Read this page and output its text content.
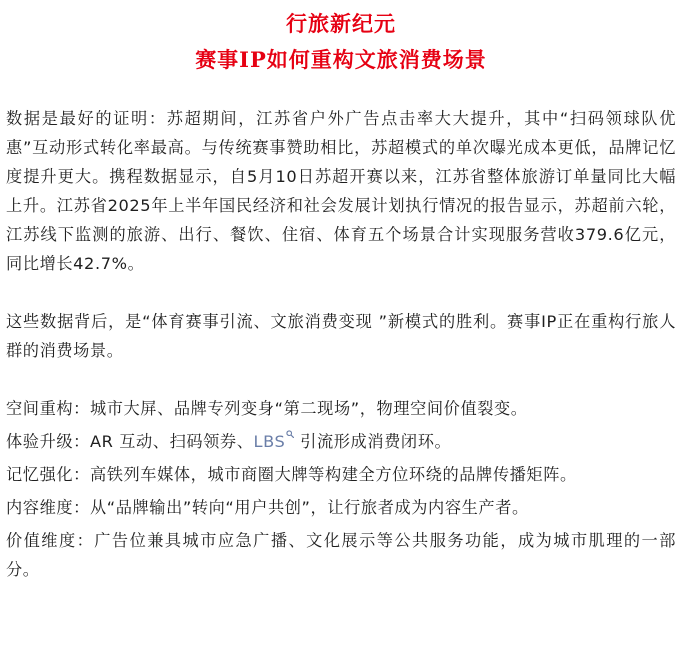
行旅新纪元
赛事IP如何重构文旅消费场景

数据是最好的证明：苏超期间，江苏省户外广告点击率大大提升，其中“扫码领球队优惠”互动形式转化率最高。与传统赛事赞助相比，苏超模式的单次曝光成本更低，品牌记忆度提升更大。携程数据显示，自5月10日苏超开赛以来，江苏省整体旅游订单量同比大幅上升。江苏省2025年上半年国民经济和社会发展计划执行情况的报告显示，苏超前六轮，江苏线下监测的旅游、出行、餐饮、住宿、体育五个场景合计实现服务营收379.6亿元，同比增长42.7%。

这些数据背后，是“体育赛事引流、文旅消费变现 ”新模式的胜利。赛事IP正在重构行旅人群的消费场景。

空间重构：城市大屏、品牌专列变身“第二现场”，物理空间价值裂变。
体验升级：AR 互动、扫码领券、LBS
引流形成消费闭环。
记忆强化：高铁列车媒体，城市商圈大牌等构建全方位环绕的品牌传播矩阵。
内容维度：从“品牌输出”转向“用户共创”，让行旅者成为内容生产者。
价值维度：广告位兼具城市应急广播、文化展示等公共服务功能，成为城市肌理的一部分。
